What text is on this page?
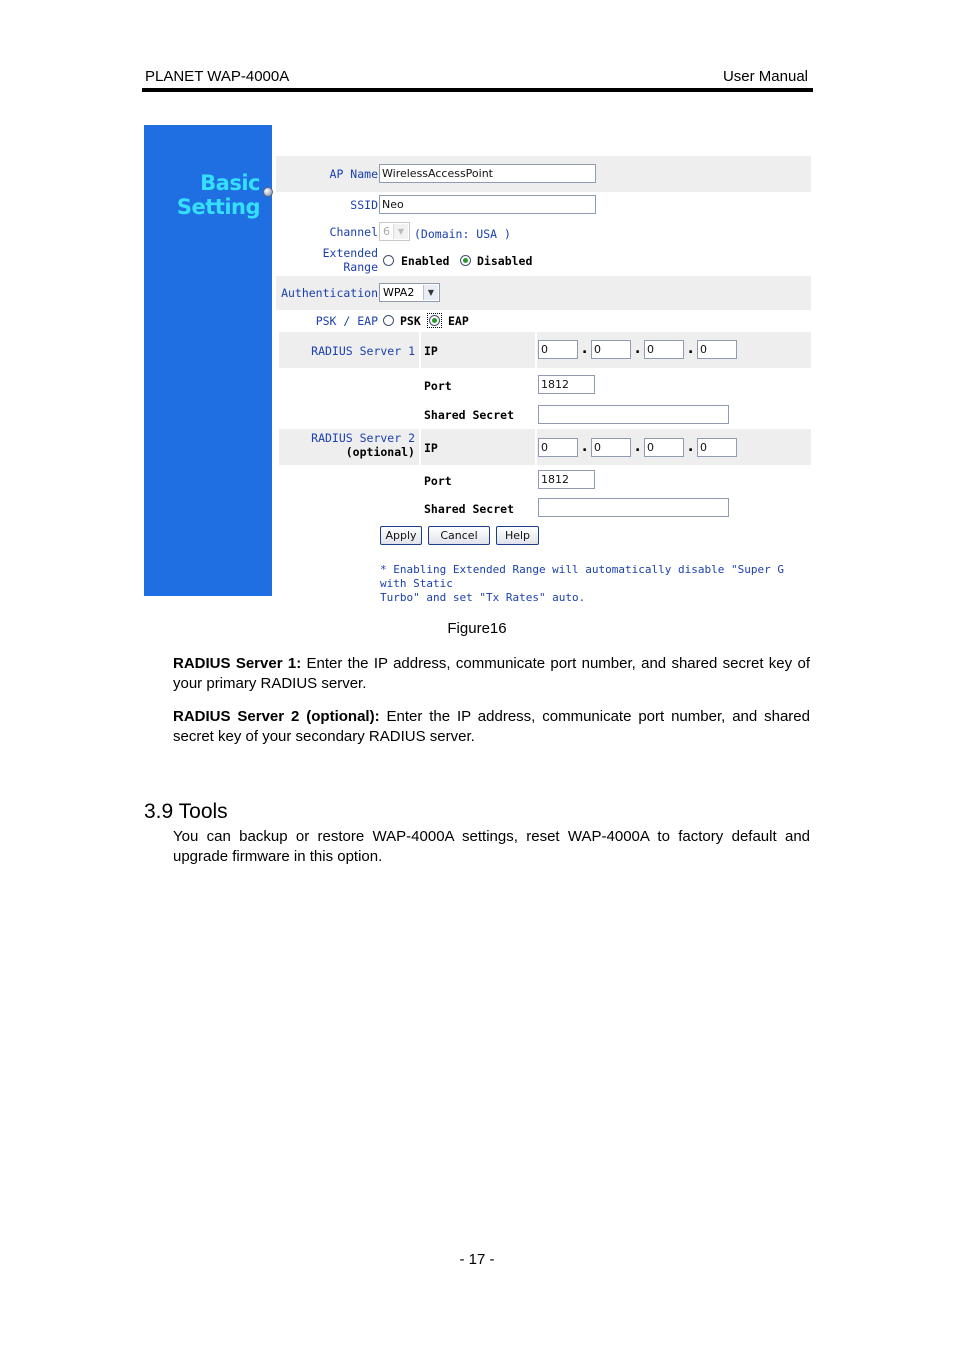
PLANET WAP-4000A	User Manual
Basic
Setting
AP Name WirelessAccessPoint
SSID Neo
Channel 6 ▼ (Domain: USA )
Extended
Range Enabled Disabled
Authentication WPA2	▼
PSK / EAP PSK EAP
RADIUS Server 1 IP	0	. 0	. 0	. 0
Port	1812
Shared Secret
RADIUS Server 2
(optional) IP	0	. 0	. 0	. 0
Port	1812
Shared Secret
Apply	Cancel	Help
* Enabling Extended Range will automatically disable "Super G with Static
Turbo" and set "Tx Rates" auto.
Figure16
RADIUS Server 1: Enter the IP address, communicate port number, and shared secret key of your primary RADIUS server.
RADIUS Server 2 (optional): Enter the IP address, communicate port number, and shared secret key of your secondary RADIUS server.
3.9 Tools
You can backup or restore WAP-4000A settings, reset WAP-4000A to factory default and upgrade firmware in this option.
- 17 -
